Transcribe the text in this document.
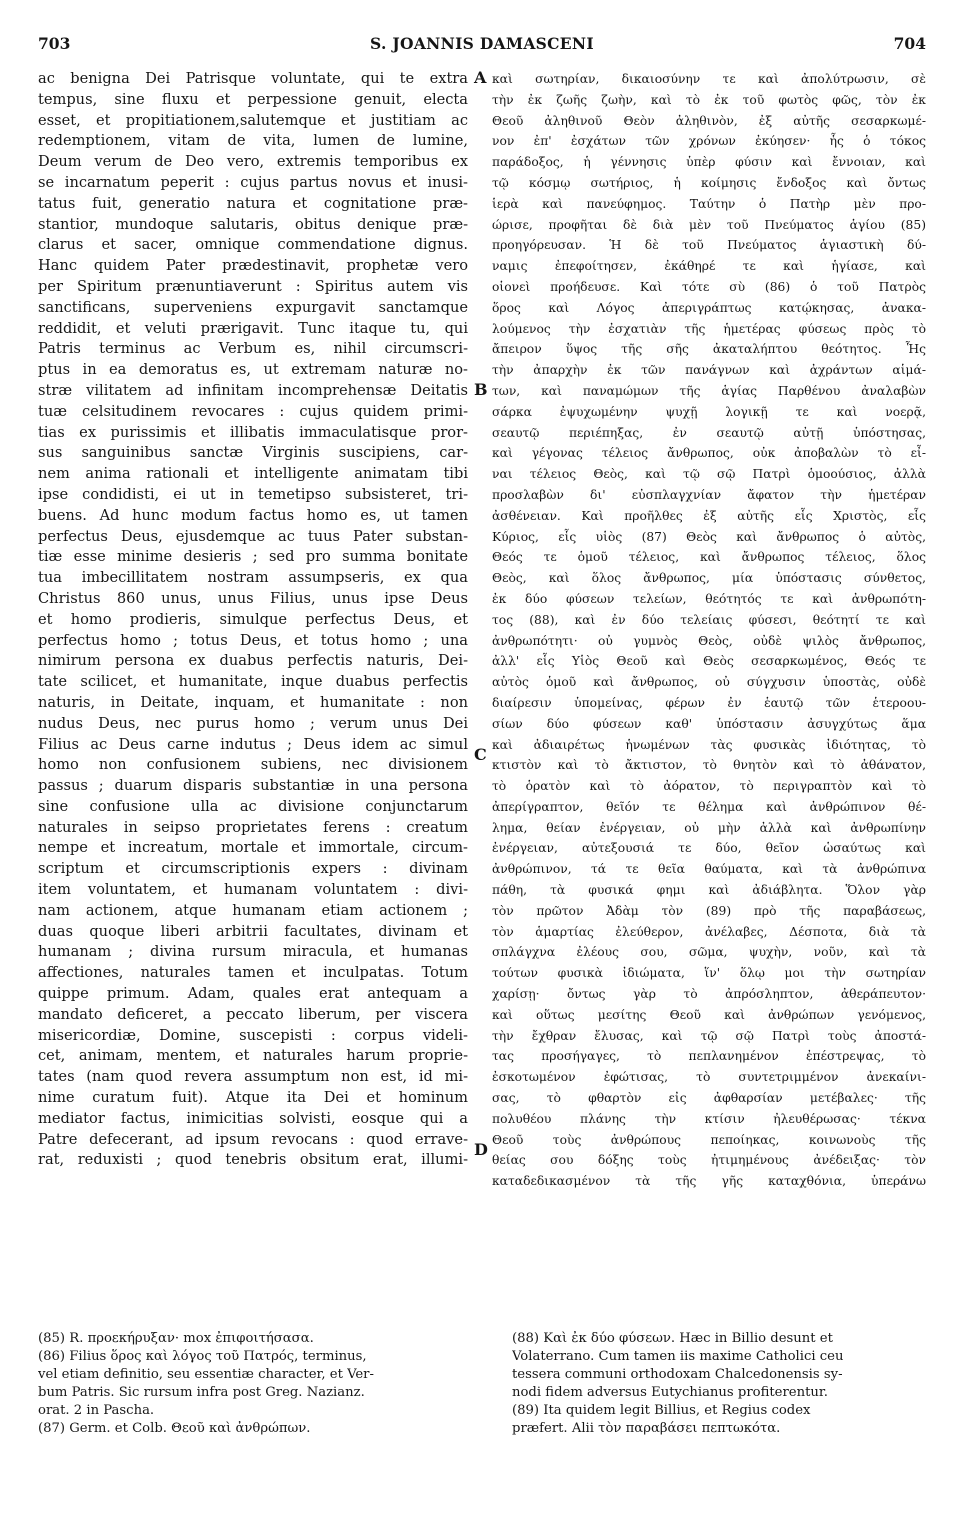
703	S. JOANNIS DAMASCENI	704
ac benigna Dei Patrisque voluntate, qui te extra
tempus, sine fluxu et perpessione genuit, electa
esset, et propitiationem,salutemque et justitiam ac
redemptionem, vitam de vita, lumen de lumine,
Deum verum de Deo vero, extremis temporibus ex
se incarnatum peperit : cujus partus novus et inusi-
tatus fuit, generatio natura et cognitatione præ-
stantior, mundoque salutaris, obitus denique præ-
clarus et sacer, omnique commendatione dignus.
Hanc quidem Pater prædestinavit, prophetæ vero
per Spiritum prænuntiaverunt : Spiritus autem vis
sanctificans, superveniens expurgavit sanctamque
reddidit, et veluti prærigavit. Tunc itaque tu, qui
Patris terminus ac Verbum es, nihil circumscri-
ptus in ea demoratus es, ut extremam naturæ no-
stræ vilitatem ad infinitam incomprehensæ Deitatis
tuæ celsitudinem revocares : cujus quidem primi-
tias ex purissimis et illibatis immaculatisque pror-
sus sanguinibus sanctæ Virginis suscipiens, car-
nem anima rationali et intelligente animatam tibi
ipse condidisti, ei ut in temetipso subsisteret, tri-
buens. Ad hunc modum factus homo es, ut tamen
perfectus Deus, ejusdemque ac tuus Pater substan-
tiæ esse minime desieris ; sed pro summa bonitate
tua imbecillitatem nostram assumpseris, ex qua
Christus 860 unus, unus Filius, unus ipse Deus
et homo prodieris, simulque perfectus Deus, et
perfectus homo ; totus Deus, et totus homo ; una
nimirum persona ex duabus perfectis naturis, Dei-
tate scilicet, et humanitate, inque duabus perfectis
naturis, in Deitate, inquam, et humanitate : non
nudus Deus, nec purus homo ; verum unus Dei
Filius ac Deus carne indutus ; Deus idem ac simul
homo non confusionem subiens, nec divisionem
passus ; duarum disparis substantiæ in una persona
sine confusione ulla ac divisione conjunctarum
naturales in seipso proprietates ferens : creatum
nempe et increatum, mortale et immortale, circum-
scriptum et circumscriptionis expers : divinam
item voluntatem, et humanam voluntatem : divi-
nam actionem, atque humanam etiam actionem ;
duas quoque liberi arbitrii facultates, divinam et
humanam ; divina rursum miracula, et humanas
affectiones, naturales tamen et inculpatas. Totum
quippe primum. Adam, quales erat antequam a
mandato deficeret, a peccato liberum, per viscera
misericordiæ, Domine, suscepisti : corpus videli-
cet, animam, mentem, et naturales harum proprie-
tates (nam quod revera assumptum non est, id mi-
nime curatum fuit). Atque ita Dei et hominum
mediator factus, inimicitias solvisti, eosque qui a
Patre defecerant, ad ipsum revocans : quod errave-
rat, reduxisti ; quod tenebris obsitum erat, illumi-
καὶ σωτηρίαν, δικαιοσύνην τε καὶ ἀπολύτρωσιν, σὲ
τὴν ἐκ ζωῆς ζωὴν, καὶ τὸ ἐκ τοῦ φωτὸς φῶς, τὸν ἐκ
Θεοῦ ἀληθινοῦ Θεὸν ἀληθινὸν, ἐξ αὐτῆς σεσαρκωμέ-
νον ἐπ' ἐσχάτων τῶν χρόνων ἐκύησεν· ἧς ὁ τόκος
παράδοξος, ἡ γέννησις ὑπὲρ φύσιν καὶ ἔννοιαν, καὶ
τῷ κόσμῳ σωτήριος, ἡ κοίμησις ἔνδοξος καὶ ὄντως
ἱερὰ καὶ πανεύφημος. Ταύτην ὁ Πατὴρ μὲν προ-
ώρισε, προφῆται δὲ διὰ μὲν τοῦ Πνεύματος ἁγίου (85)
προηγόρευσαν. Ἡ δὲ τοῦ Πνεύματος ἁγιαστικὴ δύ-
ναμις ἐπεφοίτησεν, ἐκάθηρέ τε καὶ ἡγίασε, καὶ
οἱονεὶ προήδευσε. Καὶ τότε σὺ (86) ὁ τοῦ Πατρὸς
ὅρος καὶ Λόγος ἀπεριγράπτως κατῴκησας, ἀνακα-
λούμενος τὴν ἐσχατιὰν τῆς ἡμετέρας φύσεως πρὸς τὸ
ἄπειρον ὕψος τῆς σῆς ἀκαταλήπτου θεότητος. Ἧς
τὴν ἀπαρχὴν ἐκ τῶν πανάγνων καὶ ἀχράντων αἱμά-
των, καὶ παναμώμων τῆς ἁγίας Παρθένου ἀναλαβὼν
σάρκα ἐψυχωμένην ψυχῇ λογικῇ τε καὶ νοερᾷ,
σεαυτῷ περιέπηξας, ἐν σεαυτῷ αὐτῇ ὑπόστησας,
καὶ γέγονας τέλειος ἄνθρωπος, οὐκ ἀποβαλὼν τὸ εἶ-
ναι τέλειος Θεὸς, καὶ τῷ σῷ Πατρὶ ὁμοούσιος, ἀλλὰ
προσλαβὼν δι' εὐσπλαγχνίαν ἄφατον τὴν ἡμετέραν
ἀσθένειαν. Καὶ προῆλθες ἐξ αὐτῆς εἷς Χριστὸς, εἷς
Κύριος, εἷς υἱὸς (87) Θεὸς καὶ ἄνθρωπος ὁ αὐτὸς,
Θεός τε ὁμοῦ τέλειος, καὶ ἄνθρωπος τέλειος, ὅλος
Θεὸς, καὶ ὅλος ἄνθρωπος, μία ὑπόστασις σύνθετος,
ἐκ δύο φύσεων τελείων, θεότητός τε καὶ ἀνθρωπότη-
τος (88), καὶ ἐν δύο τελείαις φύσεσι, θεότητί τε καὶ
ἀνθρωπότητι· οὐ γυμνὸς Θεὸς, οὐδὲ ψιλὸς ἄνθρωπος,
ἀλλ' εἷς Υἱὸς Θεοῦ καὶ Θεὸς σεσαρκωμένος, Θεός τε
αὐτὸς ὁμοῦ καὶ ἄνθρωπος, οὐ σύγχυσιν ὑποστὰς, οὐδὲ
διαίρεσιν ὑπομείνας, φέρων ἐν ἑαυτῷ τῶν ἑτεροου-
σίων δύο φύσεων καθ' ὑπόστασιν ἀσυγχύτως ἅμα
καὶ ἀδιαιρέτως ἡνωμένων τὰς φυσικὰς ἰδιότητας, τὸ
κτιστὸν καὶ τὸ ἄκτιστον, τὸ θνητὸν καὶ τὸ ἀθάνατον,
τὸ ὁρατὸν καὶ τὸ ἀόρατον, τὸ περιγραπτὸν καὶ τὸ
ἀπερίγραπτον, θεῖόν τε θέλημα καὶ ἀνθρώπινον θέ-
λημα, θείαν ἐνέργειαν, οὐ μὴν ἀλλὰ καὶ ἀνθρωπίνην
ἐνέργειαν, αὐτεξουσιά τε δύο, θεῖον ὡσαύτως καὶ
ἀνθρώπινον, τά τε θεῖα θαύματα, καὶ τὰ ἀνθρώπινα
πάθη, τὰ φυσικά φημι καὶ ἀδιάβλητα. Ὅλον γὰρ
τὸν πρῶτον Ἀδὰμ τὸν (89) πρὸ τῆς παραβάσεως,
τὸν ἁμαρτίας ἐλεύθερον, ἀνέλαβες, Δέσποτα, διὰ τὰ
σπλάγχνα ἐλέους σου, σῶμα, ψυχὴν, νοῦν, καὶ τὰ
τούτων φυσικὰ ἰδιώματα, ἵν' ὅλῳ μοι τὴν σωτηρίαν
χαρίσῃ· ὄντως γὰρ τὸ ἀπρόσληπτον, ἀθεράπευτον·
καὶ οὕτως μεσίτης Θεοῦ καὶ ἀνθρώπων γενόμενος,
τὴν ἔχθραν ἔλυσας, καὶ τῷ σῷ Πατρὶ τοὺς ἀποστά-
τας προσήγαγες, τὸ πεπλανημένον ἐπέστρεψας, τὸ
ἐσκοτωμένον ἐφώτισας, τὸ συντετριμμένον ἀνεκαίνι-
σας, τὸ φθαρτὸν εἰς ἀφθαρσίαν μετέβαλες· τῆς
πολυθέου πλάνης τὴν κτίσιν ἠλευθέρωσας· τέκνα
Θεοῦ τοὺς ἀνθρώπους πεποίηκας, κοινωνοὺς τῆς
θείας σου δόξης τοὺς ἠτιμημένους ἀνέδειξας· τὸν
καταδεδικασμένον τὰ τῆς γῆς καταχθόνια, ὑπεράνω
A
B
C
D
(85) R. προεκήρυξαν· mox ἐπιφοιτήσασα.
(86) Filius ὅρος καὶ λόγος τοῦ Πατρός, terminus,
vel etiam definitio, seu essentiæ character, et Ver-
bum Patris. Sic rursum infra post Greg. Nazianz.
orat. 2 in Pascha.
(87) Germ. et Colb. Θεοῦ καὶ ἀνθρώπων.
(88) Καὶ ἐκ δύο φύσεων. Hæc in Billio desunt et
Volaterrano. Cum tamen iis maxime Catholici ceu
tessera communi orthodoxam Chalcedonensis sy-
nodi fidem adversus Eutychianus profiterentur.
(89) Ita quidem legit Billius, et Regius codex
præfert. Alii τὸν παραβάσει πεπτωκότα.
